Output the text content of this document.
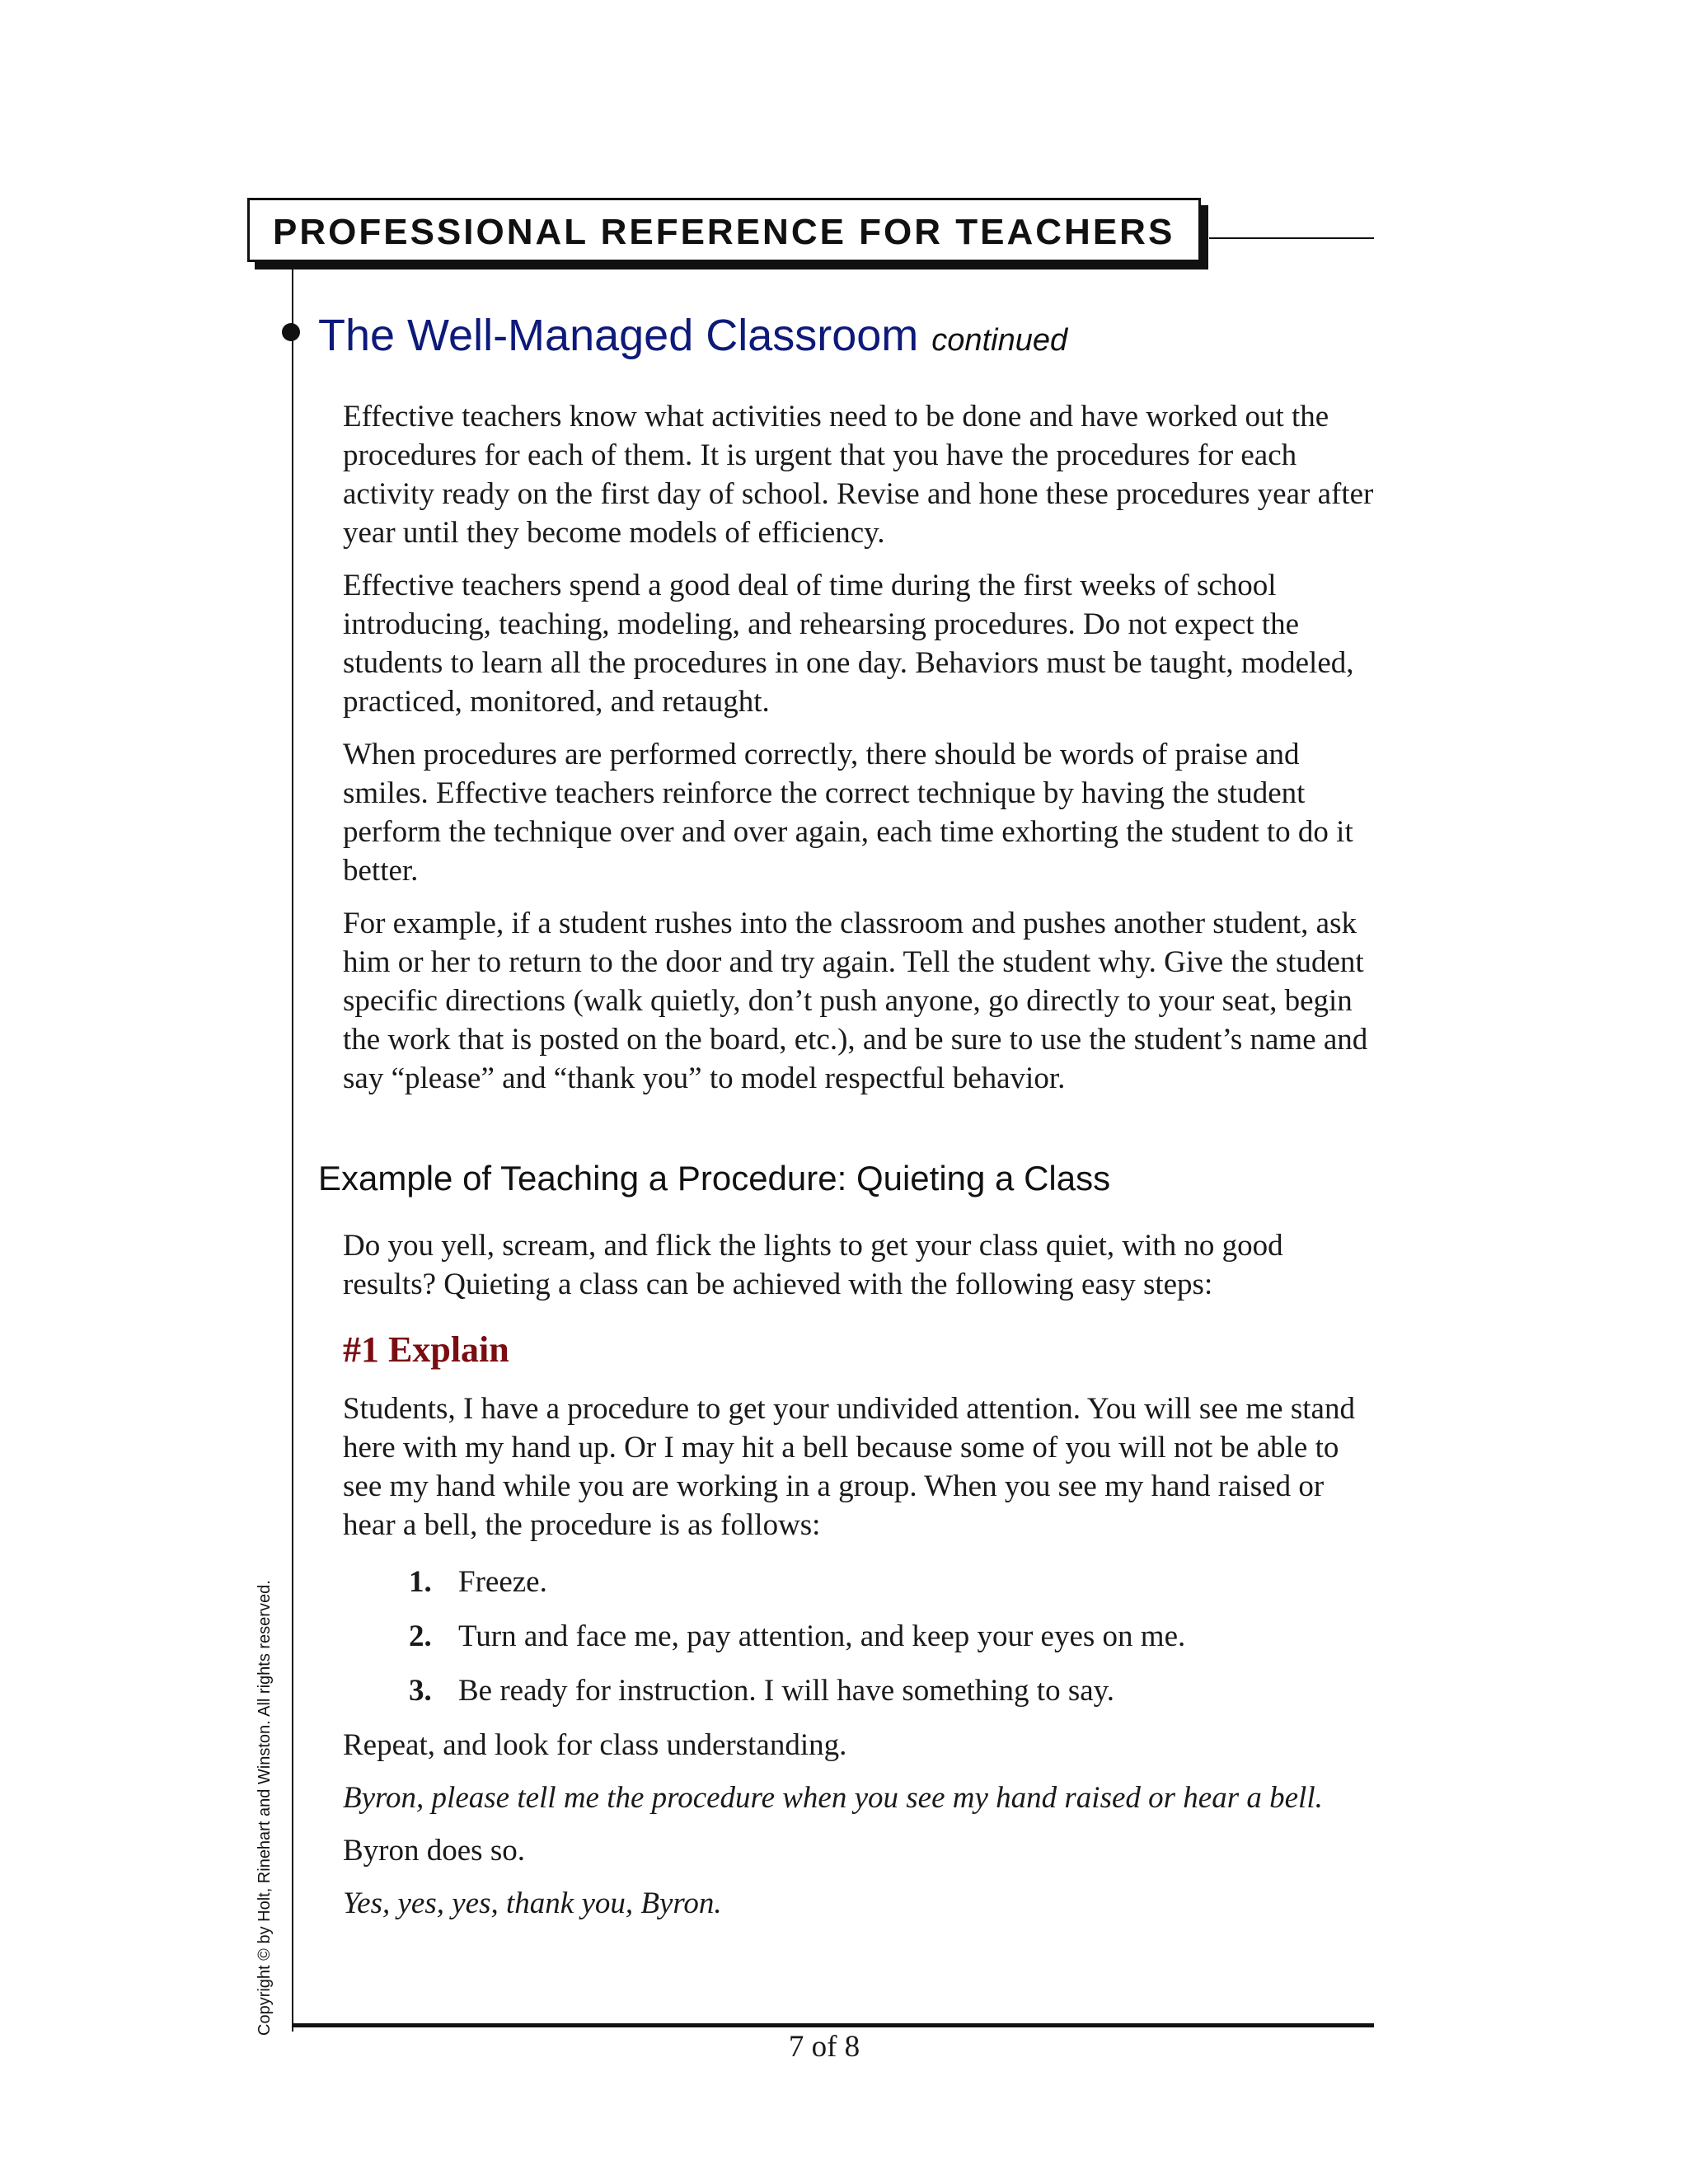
PROFESSIONAL REFERENCE FOR TEACHERS
The Well-Managed Classroom continued

Effective teachers know what activities need to be done and have worked out the procedures for each of them. It is urgent that you have the procedures for each activity ready on the first day of school. Revise and hone these procedures year after year until they become models of efficiency.

Effective teachers spend a good deal of time during the first weeks of school introducing, teaching, modeling, and rehearsing procedures. Do not expect the students to learn all the procedures in one day. Behaviors must be taught, modeled, practiced, monitored, and retaught.

When procedures are performed correctly, there should be words of praise and smiles. Effective teachers reinforce the correct technique by having the student perform the technique over and over again, each time exhorting the student to do it better.

For example, if a student rushes into the classroom and pushes another student, ask him or her to return to the door and try again. Tell the student why. Give the student specific directions (walk quietly, don’t push anyone, go directly to your seat, begin the work that is posted on the board, etc.), and be sure to use the student’s name and say “please” and “thank you” to model respectful behavior.

Example of Teaching a Procedure: Quieting a Class

Do you yell, scream, and flick the lights to get your class quiet, with no good results? Quieting a class can be achieved with the following easy steps:

#1 Explain

Students, I have a procedure to get your undivided attention. You will see me stand here with my hand up. Or I may hit a bell because some of you will not be able to see my hand while you are working in a group. When you see my hand raised or hear a bell, the procedure is as follows:

1. Freeze.
2. Turn and face me, pay attention, and keep your eyes on me.
3. Be ready for instruction. I will have something to say.

Repeat, and look for class understanding.

Byron, please tell me the procedure when you see my hand raised or hear a bell.

Byron does so.

Yes, yes, yes, thank you, Byron.

Copyright © by Holt, Rinehart and Winston. All rights reserved.
7 of 8
